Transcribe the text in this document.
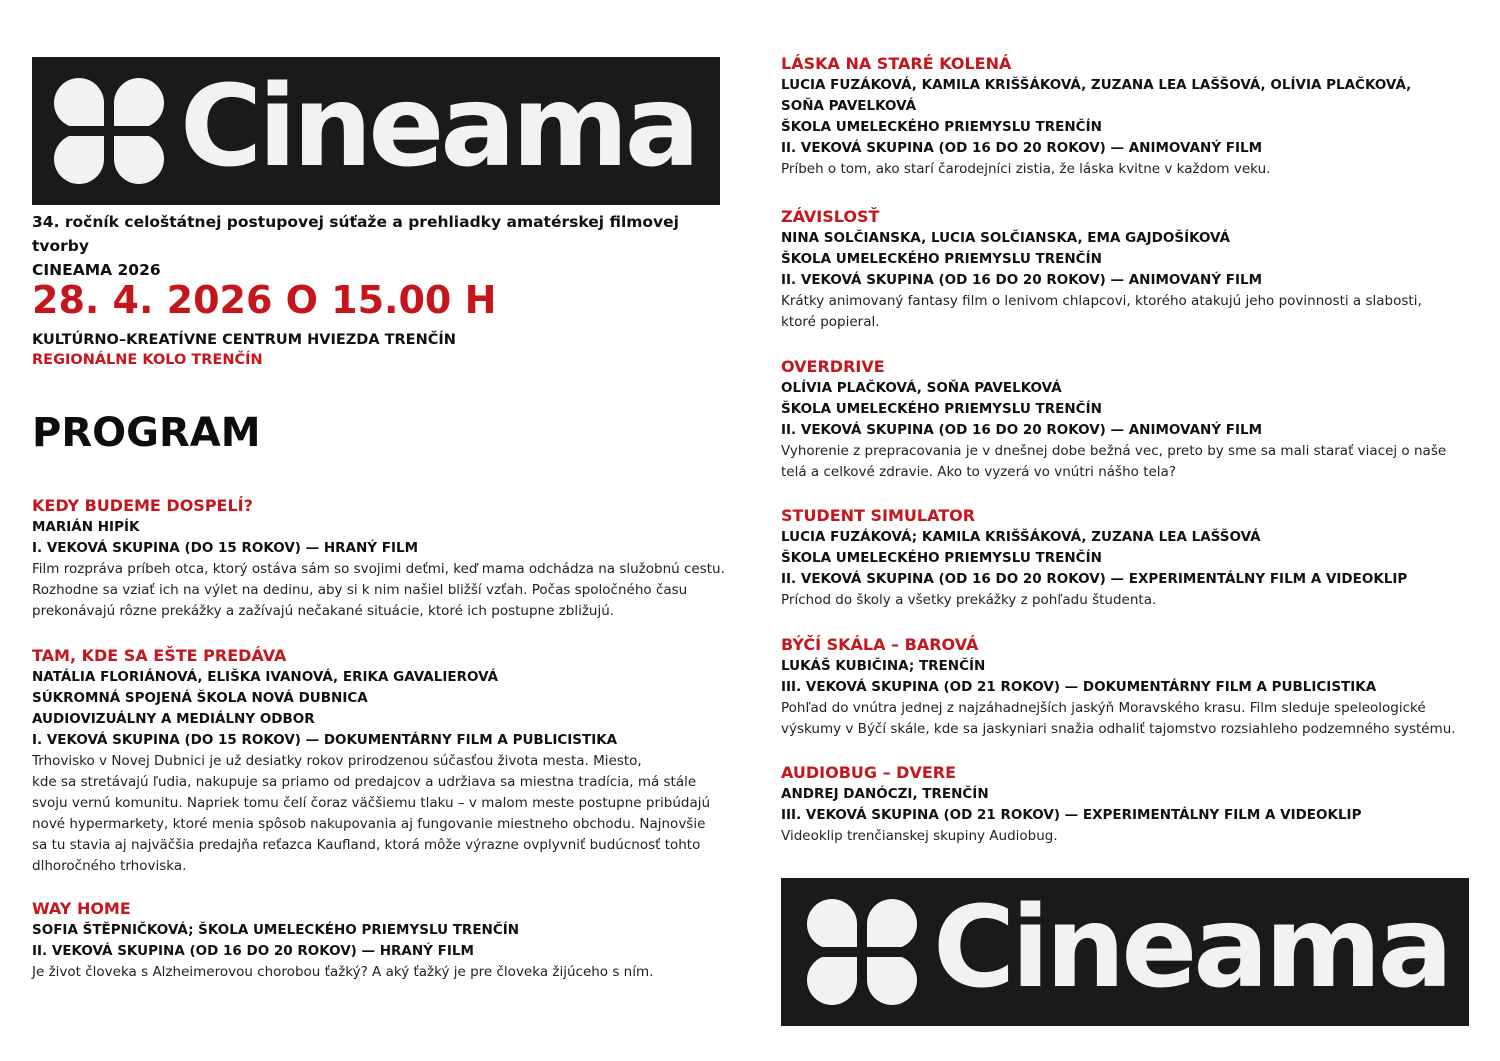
Cineama
34. ročník celoštátnej postupovej súťaže a prehliadky amatérskej filmovej tvorby
CINEAMA 2026
28. 4. 2026 O 15.00 H
KULTÚRNO–KREATÍVNE CENTRUM HVIEZDA TRENČÍN
REGIONÁLNE KOLO TRENČÍN
PROGRAM
KEDY BUDEME DOSPELÍ?
MARIÁN HIPÍK
I. VEKOVÁ SKUPINA (DO 15 ROKOV) — HRANÝ FILM
Film rozpráva príbeh otca, ktorý ostáva sám so svojimi deťmi, keď mama odchádza na služobnú cestu.
Rozhodne sa vziať ich na výlet na dedinu, aby si k nim našiel bližší vzťah. Počas spoločného času
prekonávajú rôzne prekážky a zažívajú nečakané situácie, ktoré ich postupne zbližujú.
TAM, KDE SA EŠTE PREDÁVA
NATÁLIA FLORIÁNOVÁ, ELIŠKA IVANOVÁ, ERIKA GAVALIEROVÁ
SÚKROMNÁ SPOJENÁ ŠKOLA NOVÁ DUBNICA
AUDIOVIZUÁLNY A MEDIÁLNY ODBOR
I. VEKOVÁ SKUPINA (DO 15 ROKOV) — DOKUMENTÁRNY FILM A PUBLICISTIKA
Trhovisko v Novej Dubnici je už desiatky rokov prirodzenou súčasťou života mesta. Miesto,
kde sa stretávajú ľudia, nakupuje sa priamo od predajcov a udržiava sa miestna tradícia, má stále
svoju vernú komunitu. Napriek tomu čelí čoraz väčšiemu tlaku – v malom meste postupne pribúdajú
nové hypermarkety, ktoré menia spôsob nakupovania aj fungovanie miestneho obchodu. Najnovšie
sa tu stavia aj najväčšia predajňa reťazca Kaufland, ktorá môže výrazne ovplyvniť budúcnosť tohto
dlhoročného trhoviska.
WAY HOME
SOFIA ŠTĚPNIČKOVÁ; ŠKOLA UMELECKÉHO PRIEMYSLU TRENČÍN
II. VEKOVÁ SKUPINA (OD 16 DO 20 ROKOV) — HRANÝ FILM
Je život človeka s Alzheimerovou chorobou ťažký? A aký ťažký je pre človeka žijúceho s ním.
LÁSKA NA STARÉ KOLENÁ
LUCIA FUZÁKOVÁ, KAMILA KRIŠŠÁKOVÁ, ZUZANA LEA LAŠŠOVÁ, OLÍVIA PLAČKOVÁ,
SOŇA PAVELKOVÁ
ŠKOLA UMELECKÉHO PRIEMYSLU TRENČÍN
II. VEKOVÁ SKUPINA (OD 16 DO 20 ROKOV) — ANIMOVANÝ FILM
Príbeh o tom, ako starí čarodejníci zistia, že láska kvitne v každom veku.
ZÁVISLOSŤ
NINA SOLČIANSKA, LUCIA SOLČIANSKA, EMA GAJDOŠÍKOVÁ
ŠKOLA UMELECKÉHO PRIEMYSLU TRENČÍN
II. VEKOVÁ SKUPINA (OD 16 DO 20 ROKOV) — ANIMOVANÝ FILM
Krátky animovaný fantasy film o lenivom chlapcovi, ktorého atakujú jeho povinnosti a slabosti,
ktoré popieral.
OVERDRIVE
OLÍVIA PLAČKOVÁ, SOŇA PAVELKOVÁ
ŠKOLA UMELECKÉHO PRIEMYSLU TRENČÍN
II. VEKOVÁ SKUPINA (OD 16 DO 20 ROKOV) — ANIMOVANÝ FILM
Vyhorenie z prepracovania je v dnešnej dobe bežná vec, preto by sme sa mali starať viacej o naše
telá a celkové zdravie. Ako to vyzerá vo vnútri nášho tela?
STUDENT SIMULATOR
LUCIA FUZÁKOVÁ; KAMILA KRIŠŠÁKOVÁ, ZUZANA LEA LAŠŠOVÁ
ŠKOLA UMELECKÉHO PRIEMYSLU TRENČÍN
II. VEKOVÁ SKUPINA (OD 16 DO 20 ROKOV) — EXPERIMENTÁLNY FILM A VIDEOKLIP
Príchod do školy a všetky prekážky z pohľadu študenta.
BÝČÍ SKÁLA – BAROVÁ
LUKÁŠ KUBIČINA; TRENČÍN
III. VEKOVÁ SKUPINA (OD 21 ROKOV) — DOKUMENTÁRNY FILM A PUBLICISTIKA
Pohľad do vnútra jednej z najzáhadnejších jaskýň Moravského krasu. Film sleduje speleologické
výskumy v Býčí skále, kde sa jaskyniari snažia odhaliť tajomstvo rozsiahleho podzemného systému.
AUDIOBUG – DVERE
ANDREJ DANÓCZI, TRENČÍN
III. VEKOVÁ SKUPINA (OD 21 ROKOV) — EXPERIMENTÁLNY FILM A VIDEOKLIP
Videoklip trenčianskej skupiny Audiobug.
Cineama
